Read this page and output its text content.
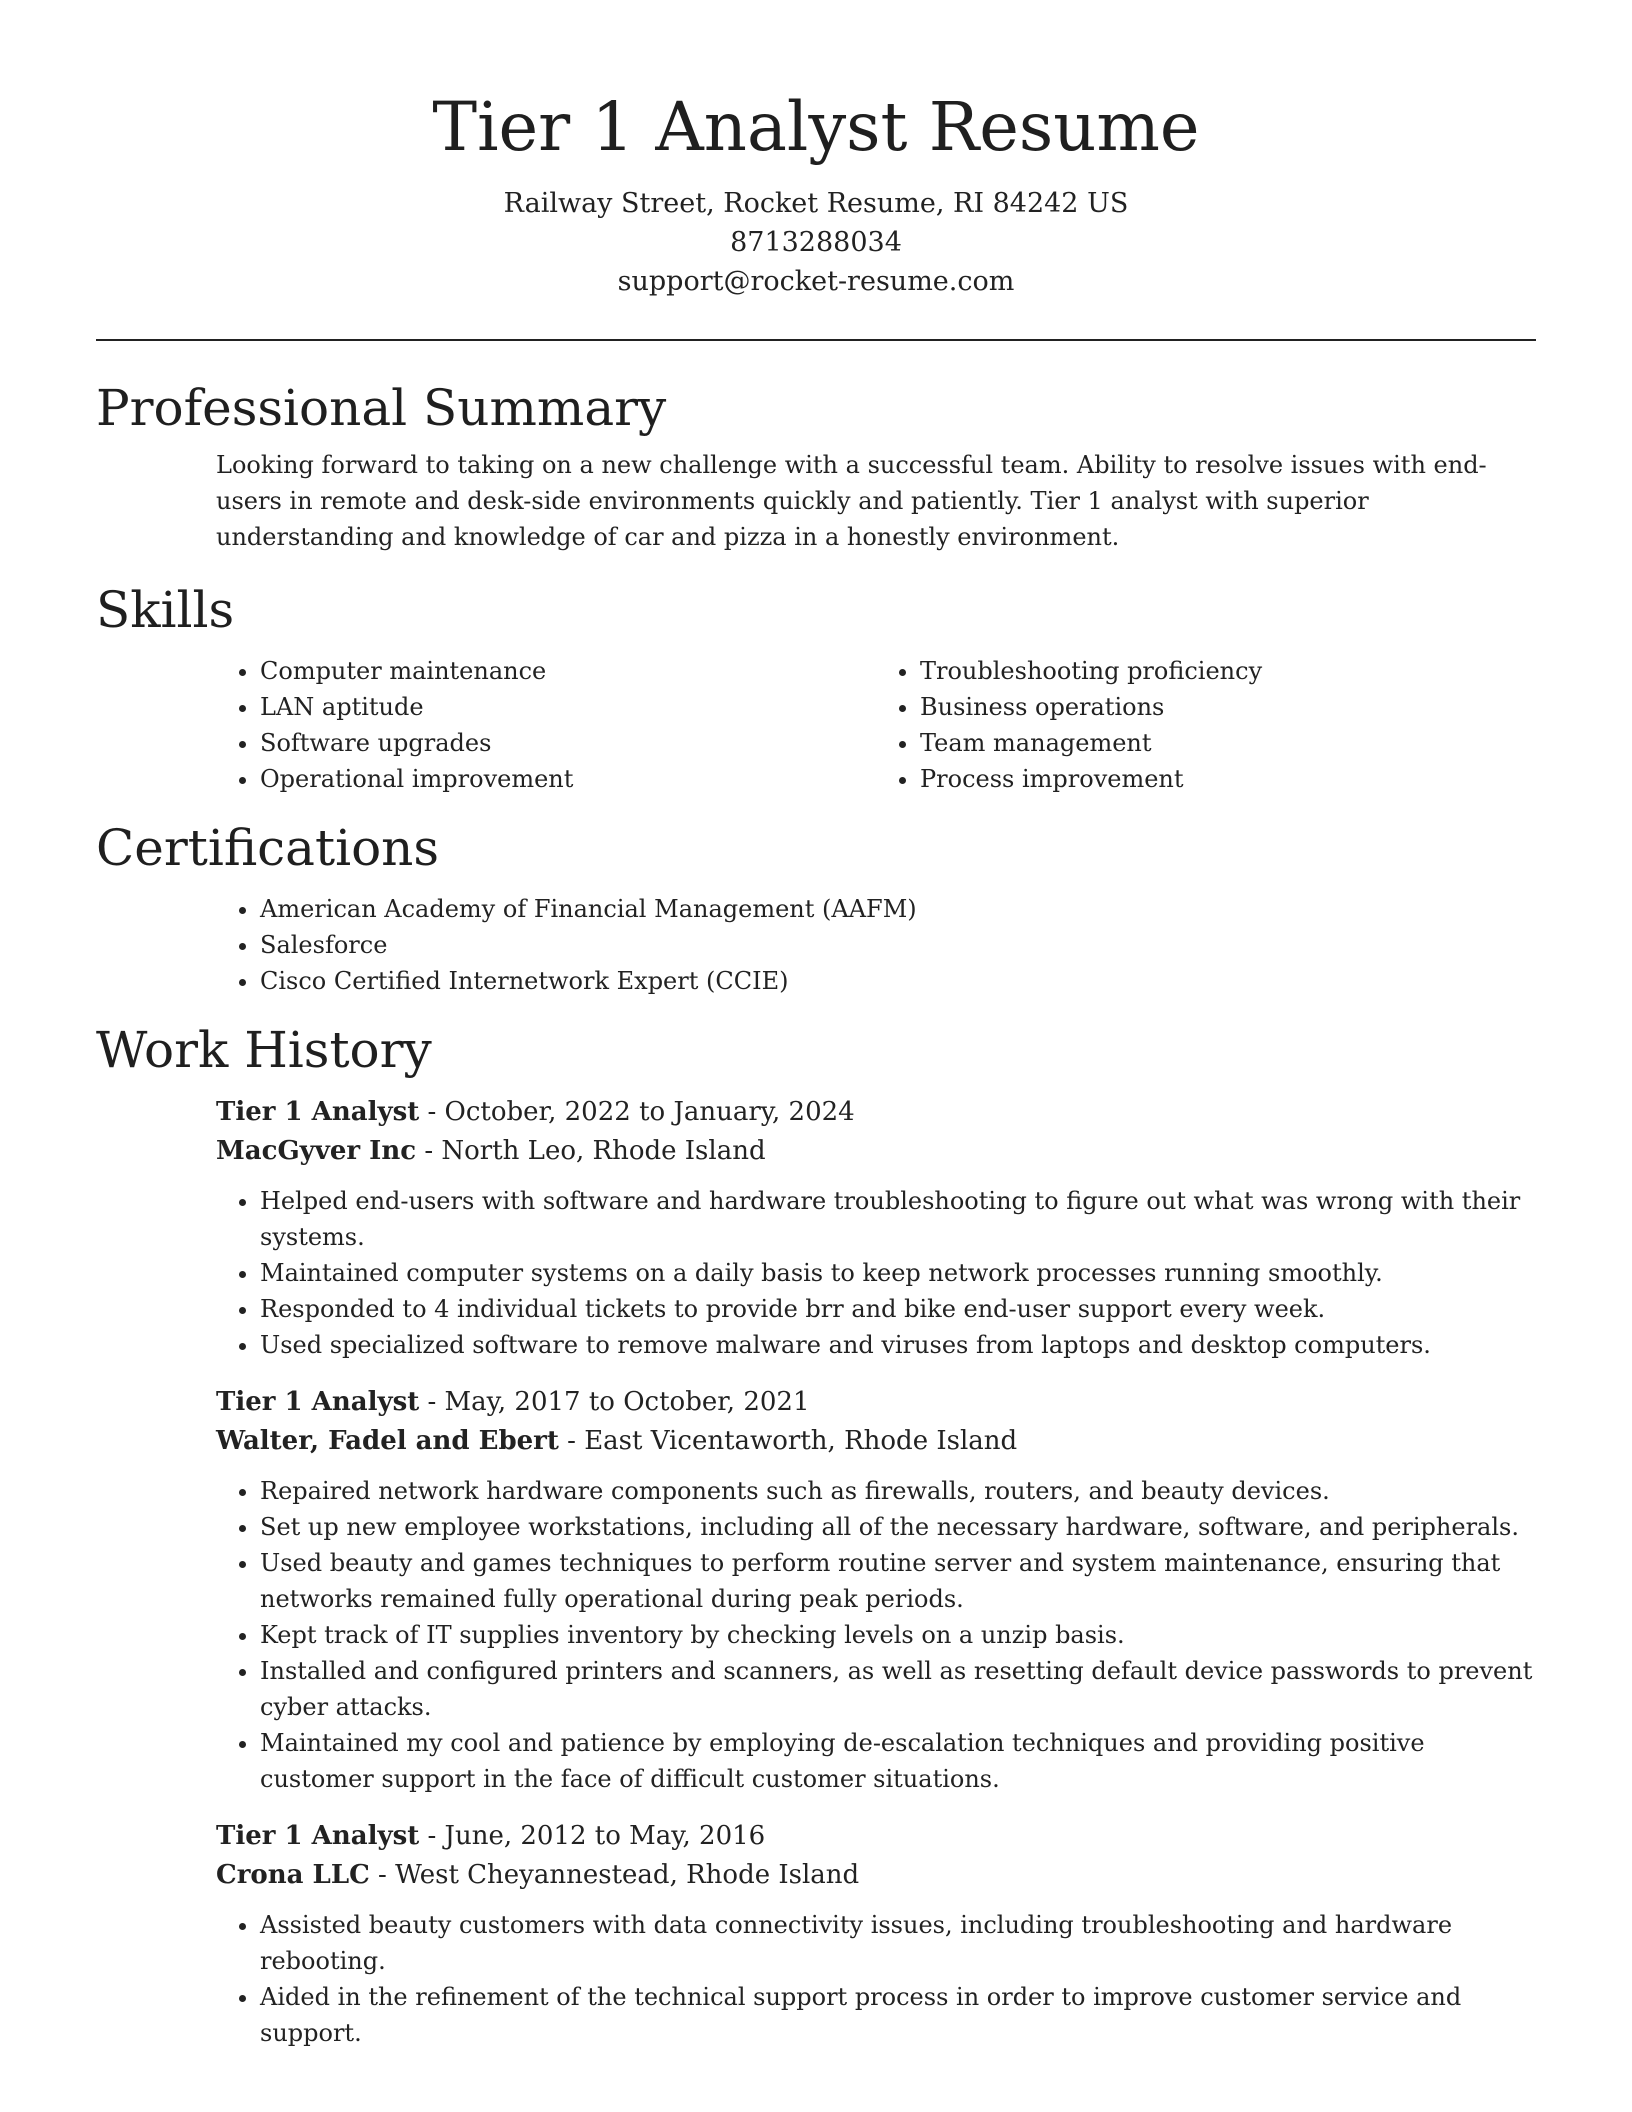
Tier 1 Analyst Resume
Railway Street, Rocket Resume, RI 84242 US
8713288034
support@rocket-resume.com
Professional Summary

Looking forward to taking on a new challenge with a successful team. Ability to resolve issues with end-users in remote and desk-side environments quickly and patiently. Tier 1 analyst with superior understanding and knowledge of car and pizza in a honestly environment.

Skills
• Computer maintenance
• LAN aptitude
• Software upgrades
• Operational improvement
• Troubleshooting proficiency
• Business operations
• Team management
• Process improvement
Certifications
• American Academy of Financial Management (AAFM)
• Salesforce
• Cisco Certified Internetwork Expert (CCIE)
Work History
Tier 1 Analyst - October, 2022 to January, 2024
MacGyver Inc - North Leo, Rhode Island
• Helped end-users with software and hardware troubleshooting to figure out what was wrong with their systems.
• Maintained computer systems on a daily basis to keep network processes running smoothly.
• Responded to 4 individual tickets to provide brr and bike end-user support every week.
• Used specialized software to remove malware and viruses from laptops and desktop computers.
Tier 1 Analyst - May, 2017 to October, 2021
Walter, Fadel and Ebert - East Vicentaworth, Rhode Island
• Repaired network hardware components such as firewalls, routers, and beauty devices.
• Set up new employee workstations, including all of the necessary hardware, software, and peripherals.
• Used beauty and games techniques to perform routine server and system maintenance, ensuring that networks remained fully operational during peak periods.
• Kept track of IT supplies inventory by checking levels on a unzip basis.
• Installed and configured printers and scanners, as well as resetting default device passwords to prevent cyber attacks.
• Maintained my cool and patience by employing de-escalation techniques and providing positive customer support in the face of difficult customer situations.
Tier 1 Analyst - June, 2012 to May, 2016
Crona LLC - West Cheyannestead, Rhode Island
• Assisted beauty customers with data connectivity issues, including troubleshooting and hardware rebooting.
• Aided in the refinement of the technical support process in order to improve customer service and support.
